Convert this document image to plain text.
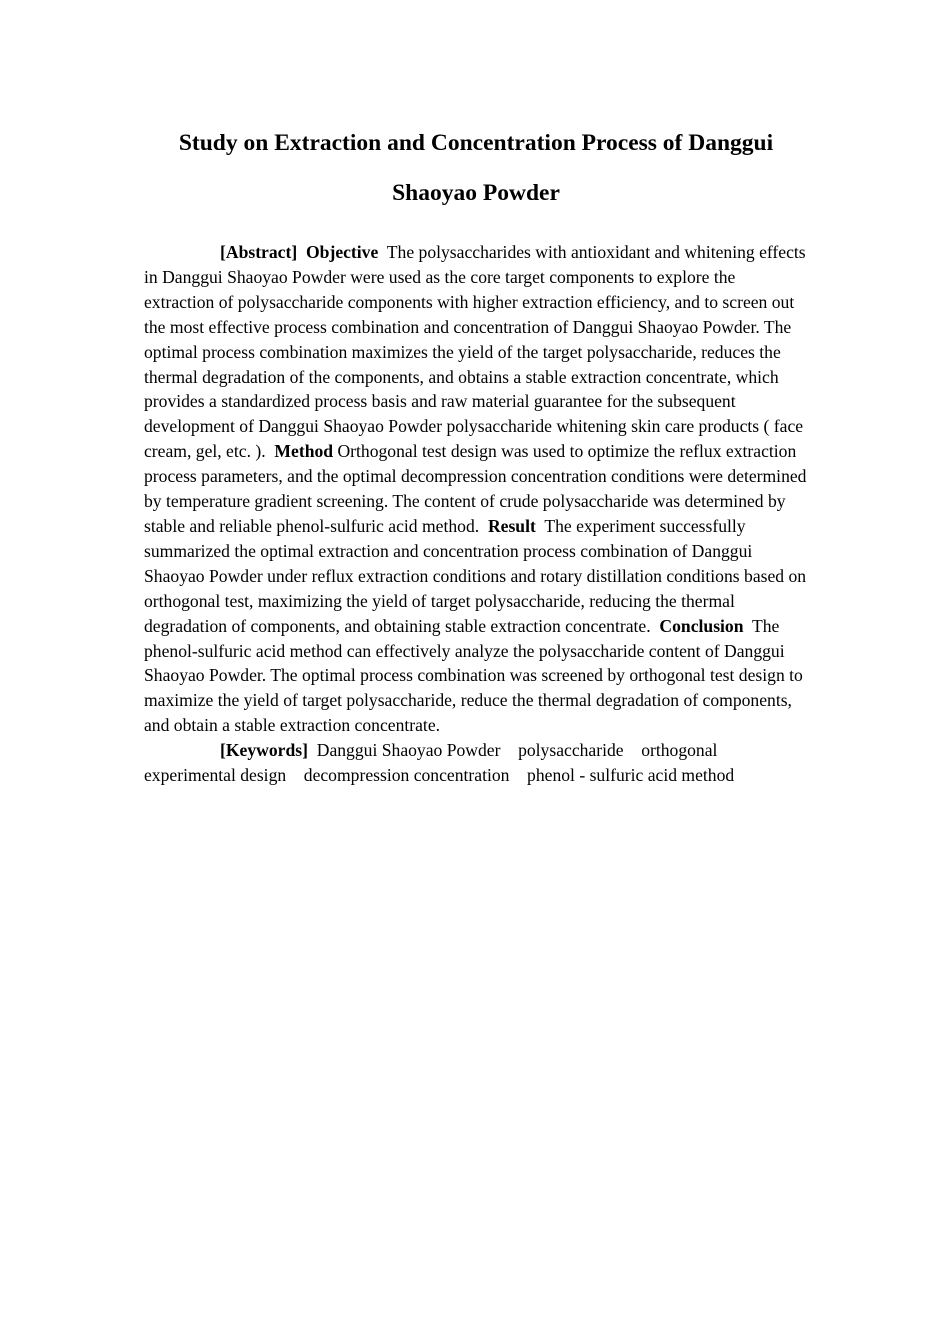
Study on Extraction and Concentration Process of Danggui
Shaoyao Powder

[Abstract] Objective The polysaccharides with antioxidant and whitening effects in Danggui Shaoyao Powder were used as the core target components to explore the extraction of polysaccharide components with higher extraction efficiency, and to screen out the most effective process combination and concentration of Danggui Shaoyao Powder. The optimal process combination maximizes the yield of the target polysaccharide, reduces the thermal degradation of the components, and obtains a stable extraction concentrate, which provides a standardized process basis and raw material guarantee for the subsequent development of Danggui Shaoyao Powder polysaccharide whitening skin care products ( face cream, gel, etc. ). Method Orthogonal test design was used to optimize the reflux extraction process parameters, and the optimal decompression concentration conditions were determined by temperature gradient screening. The content of crude polysaccharide was determined by stable and reliable phenol-sulfuric acid method. Result The experiment successfully summarized the optimal extraction and concentration process combination of Danggui Shaoyao Powder under reflux extraction conditions and rotary distillation conditions based on orthogonal test, maximizing the yield of target polysaccharide, reducing the thermal degradation of components, and obtaining stable extraction concentrate. Conclusion The phenol-sulfuric acid method can effectively analyze the polysaccharide content of Danggui Shaoyao Powder. The optimal process combination was screened by orthogonal test design to maximize the yield of target polysaccharide, reduce the thermal degradation of components, and obtain a stable extraction concentrate.

[Keywords] Danggui Shaoyao Powder polysaccharide orthogonal experimental design decompression concentration phenol - sulfuric acid method
